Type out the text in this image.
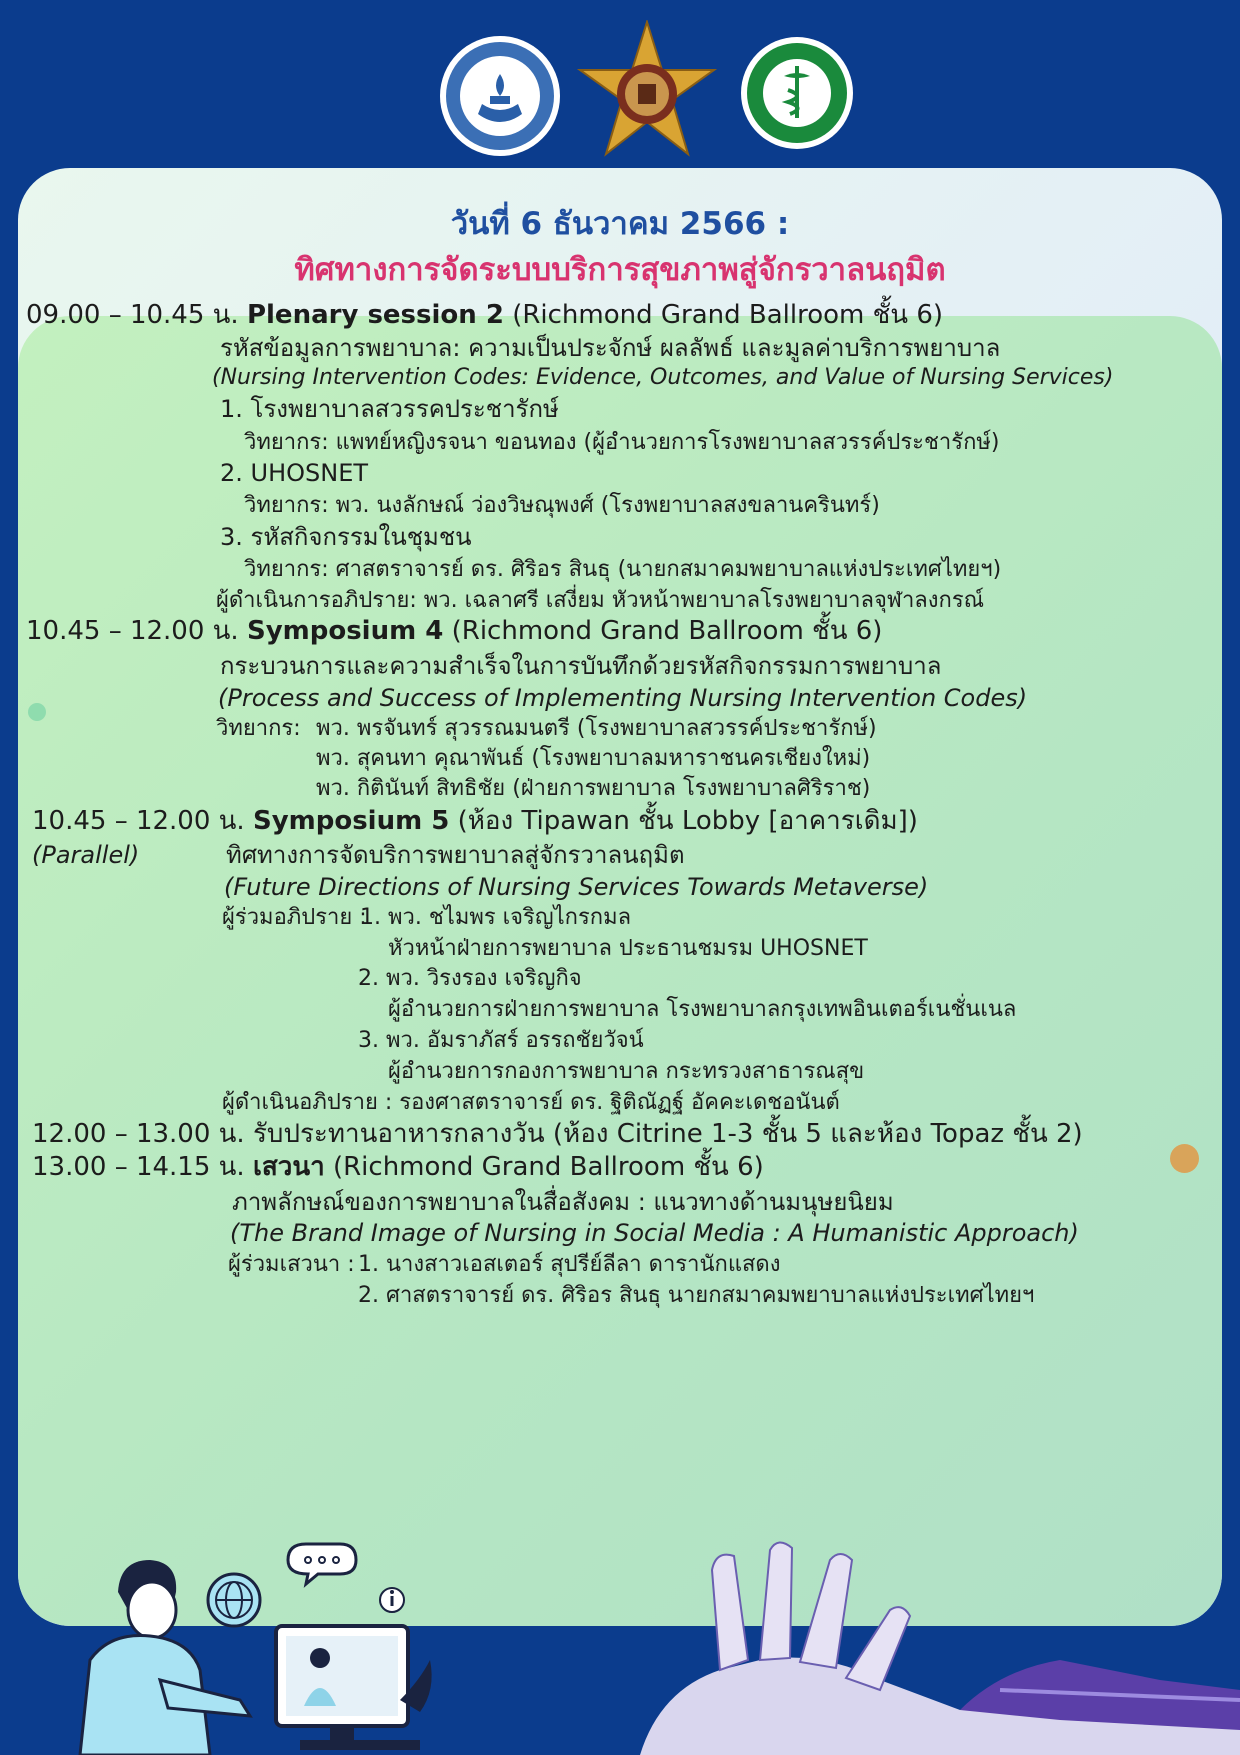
วันที่ 6 ธันวาคม 2566 :
ทิศทางการจัดระบบบริการสุขภาพสู่จักรวาลนฤมิต
09.00 – 10.45 น. Plenary session 2 (Richmond Grand Ballroom ชั้น 6)
รหัสข้อมูลการพยาบาล: ความเป็นประจักษ์ ผลลัพธ์ และมูลค่าบริการพยาบาล
(Nursing Intervention Codes: Evidence, Outcomes, and Value of Nursing Services)
1. โรงพยาบาลสวรรคประชารักษ์
วิทยากร: แพทย์หญิงรจนา ขอนทอง (ผู้อำนวยการโรงพยาบาลสวรรค์ประชารักษ์)
2. UHOSNET
วิทยากร: พว. นงลักษณ์ ว่องวิษณุพงศ์ (โรงพยาบาลสงขลานครินทร์)
3. รหัสกิจกรรมในชุมชน
วิทยากร: ศาสตราจารย์ ดร. ศิริอร สินธุ (นายกสมาคมพยาบาลแห่งประเทศไทยฯ)
ผู้ดำเนินการอภิปราย: พว. เฉลาศรี เสงี่ยม หัวหน้าพยาบาลโรงพยาบาลจุฬาลงกรณ์
10.45 – 12.00 น. Symposium 4 (Richmond Grand Ballroom ชั้น 6)
กระบวนการและความสำเร็จในการบันทึกด้วยรหัสกิจกรรมการพยาบาล
(Process and Success of Implementing Nursing Intervention Codes)
วิทยากร: พว. พรจันทร์ สุวรรณมนตรี (โรงพยาบาลสวรรค์ประชารักษ์)
พว. สุคนทา คุณาพันธ์ (โรงพยาบาลมหาราชนครเชียงใหม่)
พว. กิตินันท์ สิทธิชัย (ฝ่ายการพยาบาล โรงพยาบาลศิริราช)
10.45 – 12.00 น. Symposium 5 (ห้อง Tipawan ชั้น Lobby [อาคารเดิม])
(Parallel)	ทิศทางการจัดบริการพยาบาลสู่จักรวาลนฤมิต
(Future Directions of Nursing Services Towards Metaverse)
ผู้ร่วมอภิปราย :
1. พว. ชไมพร เจริญไกรกมล
หัวหน้าฝ่ายการพยาบาล ประธานชมรม UHOSNET
2. พว. วิรงรอง เจริญกิจ
ผู้อำนวยการฝ่ายการพยาบาล โรงพยาบาลกรุงเทพอินเตอร์เนชั่นเนล
3. พว. อัมราภัสร์ อรรถชัยวัจน์
ผู้อำนวยการกองการพยาบาล กระทรวงสาธารณสุข
ผู้ดำเนินอภิปราย : รองศาสตราจารย์ ดร. ฐิติณัฏฐ์ อัคคะเดชอนันต์
12.00 – 13.00 น. รับประทานอาหารกลางวัน (ห้อง Citrine 1-3 ชั้น 5 และห้อง Topaz ชั้น 2)
13.00 – 14.15 น. เสวนา (Richmond Grand Ballroom ชั้น 6)
ภาพลักษณ์ของการพยาบาลในสื่อสังคม : แนวทางด้านมนุษยนิยม
(The Brand Image of Nursing in Social Media : A Humanistic Approach)
ผู้ร่วมเสวนา : 1. นางสาวเอสเตอร์ สุปรีย์ลีลา ดารานักแสดง
2. ศาสตราจารย์ ดร. ศิริอร สินธุ นายกสมาคมพยาบาลแห่งประเทศไทยฯ
